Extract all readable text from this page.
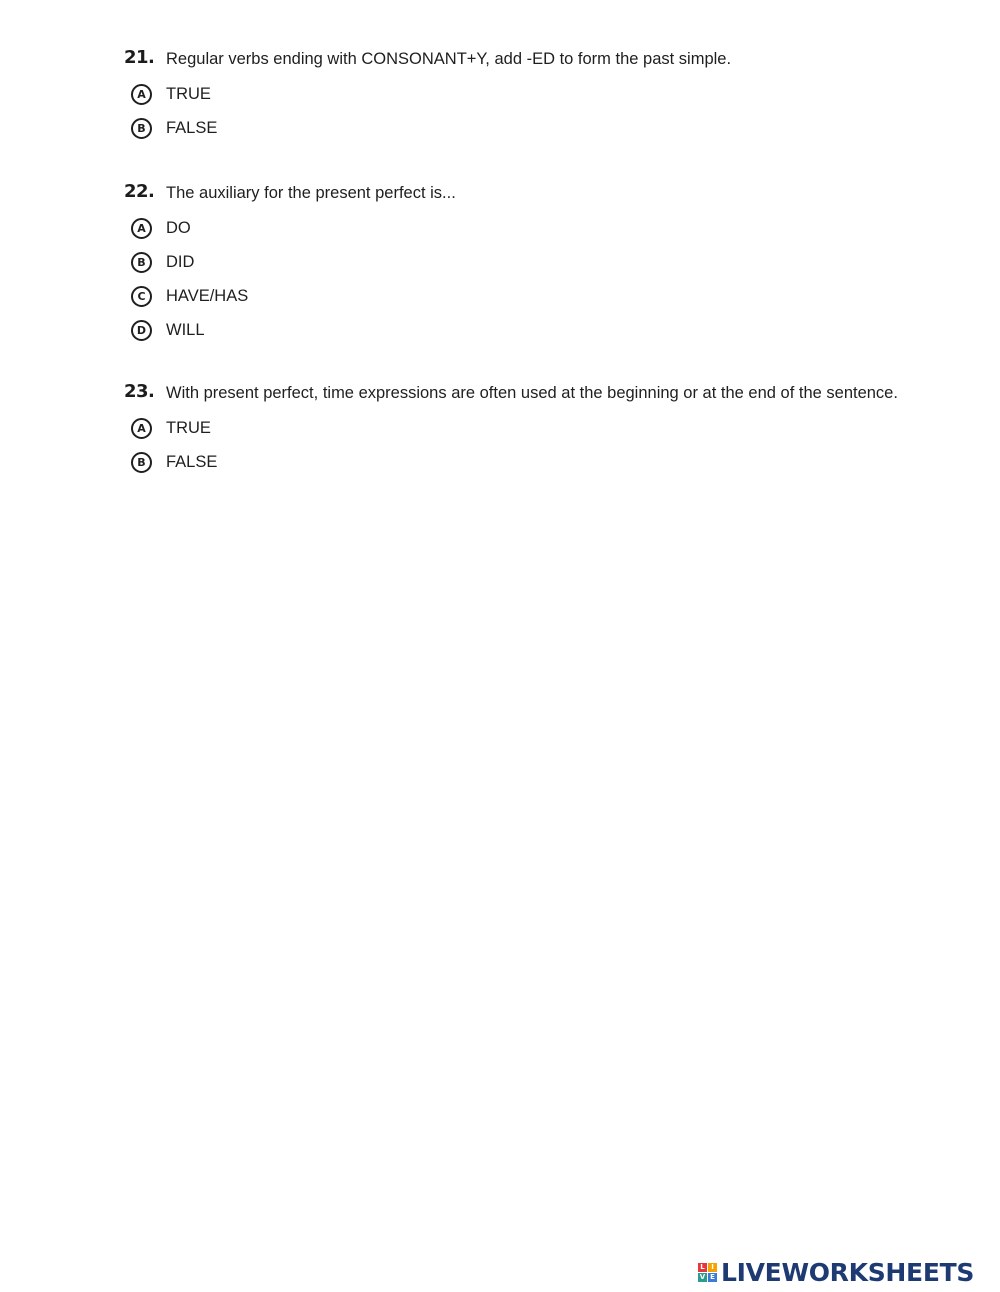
21. Regular verbs ending with CONSONANT+Y, add -ED to form the past simple.
A	TRUE
B	FALSE
22. The auxiliary for the present perfect is...
A	DO
B	DID
C	HAVE/HAS
D	WILL
23. With present perfect, time expressions are often used at the beginning or at the end of the sentence.
A	TRUE
B	FALSE
L I
V E LIVEWORKSHEETS
